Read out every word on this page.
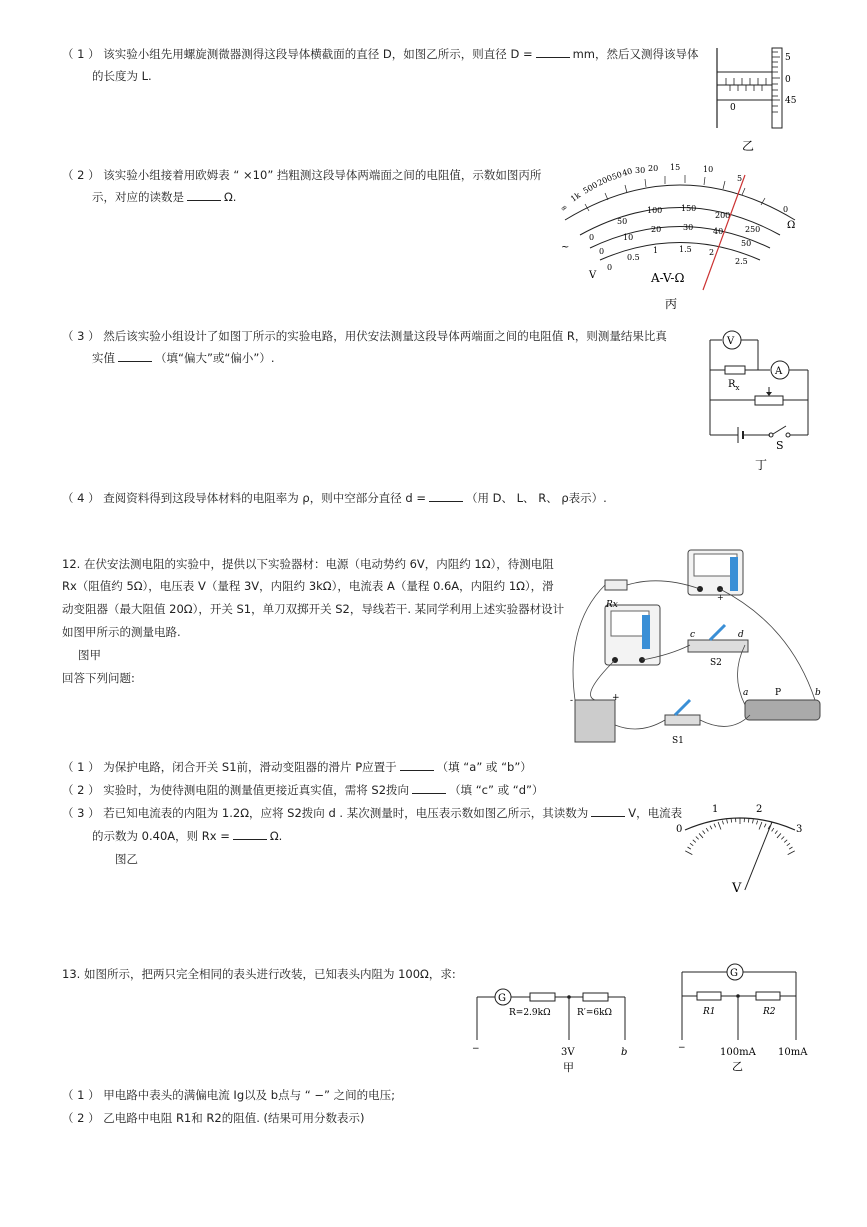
（ 1 ） 该实验小组先用螺旋测微器测得这段导体横截面的直径 D，如图乙所示，则直径 D =	mm，然后又测得该导体
的长度为 L.
（ 2 ） 该实验小组接着用欧姆表 “ ×10” 挡粗测这段导体两端面之间的电阻值，示数如图丙所
示，对应的读数是	Ω.
（ 3 ） 然后该实验小组设计了如图丁所示的实验电路，用伏安法测量这段导体两端面之间的电阻值 R，则测量结果比真
实值	（填“偏大”或“偏小”）.
（ 4 ） 查阅资料得到这段导体材料的电阻率为 ρ，则中空部分直径 d =	（用 D、 L、 R、 ρ表示）.
0
5
0
45
乙
∞
1k
500
200
50
40 30 20 15	10
5
0
Ω
0
50
100 150
200
250
0
10
20	30 40
50
0
0.5
1	1.5 2
2.5
~
V	A-V-Ω
丙
V
A
$R_x$
S
丁
12. 在伏安法测电阻的实验中，提供以下实验器材：电源（电动势约 6V，内阻约 1Ω），待测电阻
Rx（阻值约 5Ω），电压表 V（量程 3V，内阻约 3kΩ），电流表 A（量程 0.6A，内阻约 1Ω），滑
动变阻器（最大阻值 20Ω），开关 S1，单刀双掷开关 S2，导线若干. 某同学利用上述实验器材设计
如图甲所示的测量电路.
图甲
回答下列问题:
（ 1 ） 为保护电路，闭合开关 S1前，滑动变阻器的滑片 P应置于	（填 “a” 或 “b”）
（ 2 ） 实验时，为使待测电阻的测量值更接近真实值，需将 S2拨向	（填 “c” 或 “d”）
（ 3 ） 若已知电流表的内阻为 1.2Ω，应将 S2拨向 d . 某次测量时，电压表示数如图乙所示，其读数为	V，电流表
的示数为 0.40A，则 Rx =	Ω.
图乙
+
Rx
c	d
S2
-	+
S1
a	P	b
0
1	2
3
V
13. 如图所示，把两只完全相同的表头进行改装，已知表头内阻为 100Ω，求:
（ 1 ） 甲电路中表头的满偏电流 Ig以及 b点与 “ −” 之间的电压;
（ 2 ） 乙电路中电阻 R1和 R2的阻值. (结果可用分数表示)
G
R=2.9kΩ	R′=6kΩ
−	3V	b
甲
G
R1	R2
−	100mA 10mA
乙
